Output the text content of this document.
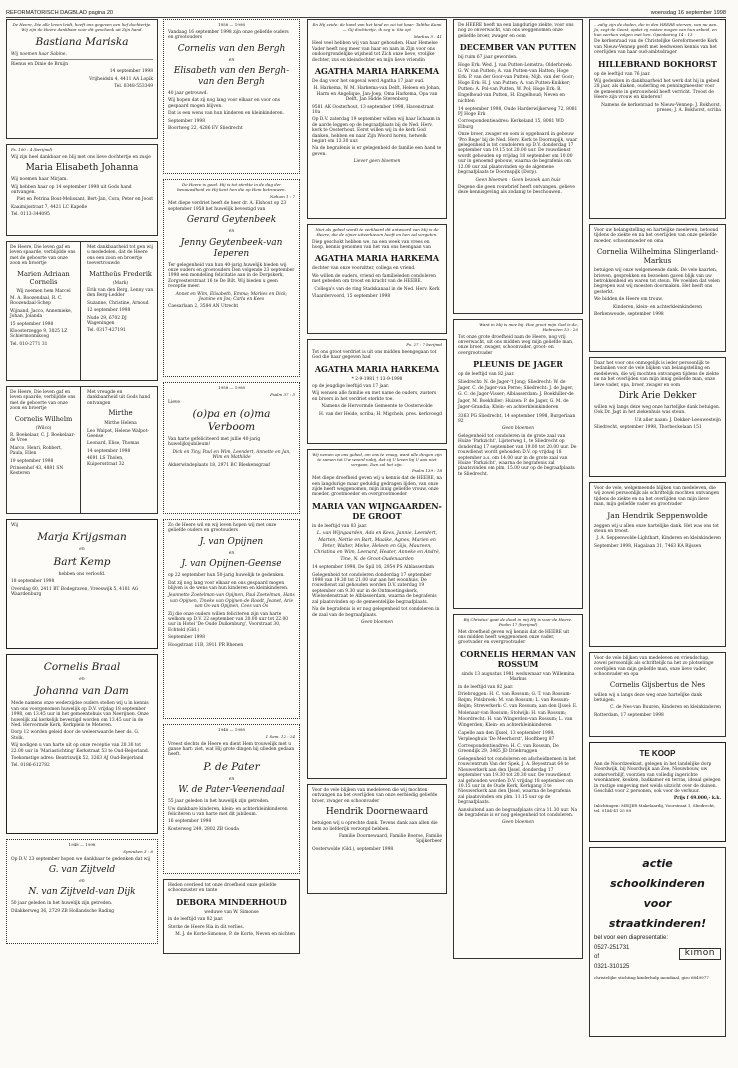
REFORMATORISCH DAGBLAD pagina 20	woensdag 16 september 1998

De Heere, Die alle leven leidt, heeft ons gegeven een lief dochtertje. Wij zijn de Heere dankbaar voor dit geschenk uit Zijn hand.

Bastiana Mariska

Wij noemen haar Sabine.

Rienus en Dinie de Bruijn

14 september 1998

Vrijheidsln 4, 4411 AA Lopik

Tel. 0348-553349

Ps. 100 : 4 (berijmd)

Wij zijn heel dankbaar en blij met ons lieve dochtertje en zusje

Maria Elisabeth Johanna

Wij noemen haar Mirjam.

Wij hebben haar op 14 september 1998 uit Gods hand ontvangen.

Piet en Petrina Bout-Melissant, Bert-Jan, Cora, Peter en Joost

Kaaimijsstraat 7, 4421 LC Kapelle

Tel. 0113-344095

De Heere, Die leven gaf en leven spaarde, verblijdde ons met de geboorte van onze zoon en broertje

Marien Adriaan Cornelis

Wij noemen hem Marcel

M. A. Roozendaal, R. C. Roozendaal-Schep

Wijnand, Jacco, Annemieke, Johan, Jolanda

15 september 1998

Kloosterzegge 9, 3025 LZ Schiermonnikoog

Tel. 010-2771 31

Met dankbaarheid tot gen wij u mededelen, dat de Heere ons een zoon en broertje toevertrouwde

Mattheüs Frederik

(Mark)

Erik van den Berg, Lenny van den Berg-Ledder

Suzanne, Christine, Arnoud

12 september 1998

Nude 29, 6702 DJ Wageningen

Tel. 0317-427191

De Heere, Die leven gaf en leven spaarde, verblijdde ons met de geboorte van onze zoon en broertje

Cornelis Wilhelm

(Wilco)

R. Boekelaar, C. J. Boekelaar-de Vree

Marco, Henri, Robbert, Paula, Ellen

19 september 1998

Prinsenhof 43, 4881 SN Kesteren

Met vreugde en dankbaarheid uit Gods hand ontvangen

Mirthe

Mirthe Helena

Leo Walpot, Helene Walpot-Geense

Leonard, Elise, Thomas

14 september 1998

4691 LS Tholen, Kuipersstraat 32

Wij

Marja Krijgsman

en

Bart Kemp

hebben ons verloofd.

18 september 1998

Overslag 60, 2411 BT Bodegraven, Vreeswijk 5, 4181 AG Waardenburg

Cornelis Braal

en

Johanna van Dam

Mede namens onze wederzijdse ouders stellen wij u in kennis van ons voorgenomen huwelijk op D.V. vrijdag 18 september 1998, om 13.45 uur in het gemeentehuis van Neerijnen. Onze huwelijk zal kerkelijk bevestigd worden om 13.45 uur in de Ned. Hervormde Kerk, Kerkplein te Meteren.

Dorp 12 worden geleid door de weleerwaarde heer ds. G. Stolk.

Wij nodigen u van harte uit op onze receptie van 20.30 tot 22.00 uur in 'Mariastichting' Kerkstraat 53 te Oud-Beijerland.

Toekomstige adres: Beatrixwijk 52, 3263 AJ Oud-Beijerland

Tel. 0186-612782

1948 — 1998

Spreuken 3 : 6

Op D.V. 23 september hopen we dankbaar te gedenken dat wij

G. van Zijtveld

en

N. van Zijtveld-van Dijk

50 jaar geleden in het huwelijk zijn getreden.

Dilakkerweg 36, 2729 ZB Hollandsche Rading

1958 — 1998

Vandaag 16 september 1998 zijn onze geliefde ouders en grootouders

Cornelis van den Bergh

en

Elisabeth van den Bergh-van den Bergh

40 jaar getrouwd.

Wij hopen dat zij nog lang voor elkaar en voor ons gespaard mogen blijven.

Dat is een wens van hun kinderen en kleinkinderen.

September 1998

Boortweg 22, 4286 EV Sliedrecht

De Heere is goed. Hij is tot sterkte in de dag der benauwdheid en Hij kent hen die op Hem betrouwen.

Nahum 1 : 7

Met diepe verdriet heeft de heer dr. A. Elshout op 23 september 1958 het huwelijk bevestigd van

Gerard Geytenbeek

en

Jenny Geytenbeek-van Ieperen

Ter gelegenheid van hun 40-jarig huwelijk bieden wij onze ouders en grootouders Den volgende 23 september 1998 een mondeling felicitatie aan in de Dorpskerk, Zorgvesterstraat 16 te De Bilt. Wij bieden u geen receptie meer.

Annet en Wim, Elisabeth, Emma; Marlies en Dick; Jeanine en Jos; Carla en Kees

Caesarlaan 2, 3584 AN Utrecht

1958 — 1998

Psalm 37 : 5

Lieve

(o)pa en (o)ma Verboom

Van harte gefeliciteerd met jullie 40-jarig huwelijksjubileum!

Dick en Tiny, Paul en Wim, Leendert, Annette en Jan, Wim en Mathilde

Akkerwindeplaats 18, 2971 BC Bleskensgraaf

Zo de Heere wil en wij leven hopen wij met onze geliefde ouders en grootouders

J. van Opijnen

en

J. van Opijnen-Geense

op 22 september hun 50-jarig huwelijk te gedenken.

Dat zij nog lang voor elkaar en ons gespaard mogen blijven is de wens van hun kinderen en kleinkinderen.

Jeannette Zoetelman-van Opijnen, Paul Zoetelman, Hans van Opijnen, Tineke van Opijnen-de Roodt, Jeanet, Arie van Os-van Opijnen, Cees van Os

Zij die onze ouders willen feliciteren zijn van harte welkom op D.V. 22 september van 20.00 uur tot 22.00 uur in Hotel 'De Oude Duikenburg', Voorstraat 30, Echteld (Gld.)

September 1998

Hoogstraat 11B, 3911 PR Rhenen

1948 — 1998

1 Sam. 12 : 24

Vreest slechts de Heere en dient Hem trouwelijk met u ganse hart: ziet, wat Hij grote dingen bij ulieden gedaan heeft.

P. de Pater

en

W. de Pater-Veenendaal

55 jaar geleden in het huwelijk zijn getreden.

Uw dankbare kinderen, klein- en achterkleinkinderen feliciteren u van harte met dit jubileum.

16 september 1998

Kosterweg 249, 2802 ZB Gouda

Heden overleed tot onze droefheid onze geliefde schoonzuster en tante

DEBORA MINDERHOUD

weduwe van W. Simonse

in de leeftijd van 82 jaar.

Sterke de Heere Ria in dit verlies.

M. J. de Korte-Simonse, P. de Korte, Neven en nichten

En Hij zeide: de hand van het kind en zei tot haar: Talitha Kumi — Gij dochtertje, ik zeg u: Sta op!

Markus 5 : 41

Heel veel hebben wij van haar gehouden. Haar Hemelse Vader heeft nog meer van haar en nam in Zijn voor ons ondoorgrondelijke wijsheid tot Zich onze lieve, vrolijke dochter, zus en kleindochter en mijn lieve vriendin

AGATHA MARIA HARKEMA

De dag voor het ongeval werd Agatha 17 jaar oud.

H. Harkema, W. M. Harkema-van Delft, Heleen en Johan, Harm en Angelique, Jan-Joep, Oma Harkema, Opa van Delft, Jan Hidde Sterenborg

9581 AK Oosterhout, 13 september 1998, Havenstraat 10a

Op D.V. zaterdag 19 september willen wij haar lichaam in de aarde leggen op de begraafplaats bij de Ned. Herv. kerk te Oosterhout. Eerst willen wij in de kerk God danken, hebben en naar Zijn Woord horen, hetwelk begint om 13.30 uur.

Na de begrafenis is er gelegenheid de familie een hand te geven.

Liever geen bloemen

Niet als gebed wordt te verklaard dit antwoord van Mij is de Heere, die de zijner uitverkiezen heeft en hen zal vergeten.

Diep geschokt hebben we, na een week van vrees en hoop, kennis genomen van het van ons heengaan van

AGATHA MARIA HARKEMA

dochter van onze voorzitter, collega en vriend.

We willen de ouders, vriend en familieleden condoleren met gebeden om troost en kracht van de HEERE.

Collega's van de ring Stadskanaal in de Ned. Herv. Kerk

Vlaardervoord, 15 september 1998

Ps. 27 : 7 berijmd

Tot ons groot verdriet is uit ons midden heengegaan tot God die haar gegeven had

AGATHA MARIA HARKEMA

* 2-9-1981 † 13-9-1998

op de jeugdige leeftijd van 17 jaar.

Wij wensen alle familie en met name de ouders, zusters en broers in het verdriet sterkte toe.

Namens de Hervormde Gemeente te Oosterwolde

H. van der Heide, scriba; H. Migchels, pres. kerkvoogd

Wij nemen op ons gebed, om ons te vraag, want alle dingen zijn te samen tot Uw woord nabij, dat zij U leven bij U aan niet vergaan, Dan zal het zijn.

Psalm 139 : 18

Met diepe droefheid geven wij u kennis dat de HEERE, na een langdurige maar geduldig gedragen lijden, van onze zijde heeft weggenomen, mijn innig geliefde vrouw, onze moeder, grootmoeder en overgrootmoeder

MARIA VAN WIJNGAARDEN-DE GROOT

in de leeftijd van 83 jaar.

L. van Wijngaarden, Ada en Kees, Jannie, Leendert, Marten, Nettie en Bart, Maaike, Agnes, Marien en Peter, Walter, Meike, Heleen en Gijs, Maureen, Christina en Wim, Leenard, Heater, Anneke en André, Tine, N. de Groot-Oudenaarden

14 september 1998, De Spil 16, 2954 PS Alblasserdam

Gelegenheid tot condoleren donderdag 17 september 1998 van 19.30 tot 21.00 uur aan het woonhuis. De rouwdienst zal gehouden worden D.V. zaterdag 19 september om 9.30 uur in de Ontmoetingskerk, Wielsedenstraat te Alblasserdam, waarna de begrafenis zal plaatsvinden op de gemeentelijke begraafplaats.

Na de begrafenis is er nog gelegenheid tot condoleren in de zaal van de begraafplaats.

Geen bloemen

Voor de vele blijken van medeleven die wij mochten ontvangen na het overlijden van onze eerbiedig geliefde broer, zwager en schoonvader

Hendrik Doornewaard

betuigen wij u oprechte dank. Tevens dank aan allen die hem zo liefderijk verzorgd hebben.

Familie Doornewaard, Familie Boerse, Familie Spijkerbeer

Oosterwolde (Gld.), september 1998

De HEERE heeft na een langdurige ziekte, voor ons nog zo onverwacht, van ons weggenomen onze geliefde broer, zwager en oom

DECEMBER VAN PUTTEN

bij ruim 67 jaar geworden.

Hoge Erk: Wed. J. van Putten-Lemstra; Olderbroek: G. W. van Putten; A. van Putten-van Hatten; Hoge Erk: P. van der Goor-van Putten; Nijh. van der Goor; Hoge Erk: H. J. van Putten; A. van Putten-Knikker; Putten: A. Pol-van Putten, W. Pol; Hoge Erk: B. Engelhoud-van Putten, H. Engelhoud; Neven en nichten

14 september 1998, Oude Harderwijkerweg 72, 8081 PJ Hoge Erk

Correspondentieadres: Kerkeland 15, 8081 WD Elburg

Onze broer, zwager en oom is opgebaard in gebouw 'Pro Rege' bij de Ned. Herv. Kerk te Doornspijk, waar gelegenheid is tot condoleren op D.V. donderdag 17 september van 19.15 tot 20.00 uur. De rouwdienst wordt gehouden op vrijdag 18 september om 10.00 uur in genoemd gebouw, waarna de begrafenis om 12.00 uur zal plaatsvinden op de algemene begraafplaats te Doornspijk (Dorp).

Geen bloemen - Geen bezoek aan huis

Degene die geen rouwbrief heeft ontvangen, gelieve deze kennisgeving als zodanig te beschouwen.

Want in Mij is mee bij. Hoe groot mijn God is de, Hebreëen 13 : 20

Tot onze grote droefheid nam de Heere, nog vrij onverwacht, uit ons midden weg mijn geliefde man, onze broer, zwager, schoonvader, groot- en overgrootvader

PLEUNIS DE JAGER

op de leeftijd van 82 jaar.

Sliedrecht: N. de Jager-'t Jong; Sliedrecht: W. de Jager, C. de Jager-van Perne; Sliedrecht: J. de Jager, G. C. de Jager-Visser; Alblasserdam: J. Boekhiller-de Jager, M. Boekhiller; Huizen: P. de Jager, G. M. de Jager-Grandia; Klein- en achterkleinkinderen

3363 PG Sliedrecht, 14 september 1998, Burgerlaan 92

Geen bloemen

Gelegenheid tot condoleren in de grote zaal van Huize 'Parkzicht', Lijsterweg 1, te Sliedrecht op donderdag 17 september van 19.00 tot 20.00 uur. De rouwdienst wordt gehouden D.V. op vrijdag 18 september a.s. om 14.00 uur in de grote zaal van Huize 'Parkzicht', waarna de begrafenis zal plaatsvinden om plm. 15.00 uur op de begraafplaats te Sliedrecht.

Bij Christus' gaat de dood in mij Hij is voor de Heere. Psalm 17 (berijmd)

Met droefheid geven wij kennis dat de HEERE uit ons midden heeft weggenomen onze vader, grootvader en overgrootvader

CORNELIS HERMAN VAN ROSSUM

sinds 13 augustus 1981 weduwnaar van Willemina Markus

in de leeftijd van 82 jaar.

Driebruggen: H. C. van Rossum; G. T. van Rossum-Reijm; Polsbroek: M. van Rossum; L. van Rossum-Reijm; Streverkerk: C. van Rossum; aan den IJssel: E. Molenaar-van Rossum; Stolwijk: H. van Rossum; Moordrecht: H. van Wingerden-van Rossum; L. van Wingerden; Klein- en achterkleinkinderen

Capelle aan den IJssel, 13 september 1998, Verpleeghuis 'De Meerhorst', Hooftberg 87

Correspondentieadres: H. C. van Rossum, De Greendijk 29, 3465 JD Driebruggen

Gelegenheid tot condoleren en afscheidnemen in het rouwcentrum Van der Spek, J. A. Beyestraat 64 te Nieuwerkerk aan den IJssel, donderdag 17 september van 19.30 tot 20.30 uur. De rouwdienst zal gehouden worden D.V. vrijdag 18 september om 10.15 uur in de Oude Kerk, Kerkgang 3 te Nieuwerkerk aan den IJssel, waarna de begrafenis zal plaatsvinden om plm. 11.15 uur op de begraafplaats.

Aansluitend aan de begraafplaats circa 11.30 uur. Na de begrafenis is er nog gelegenheid tot condoleren.

Geen bloemen

...zalig zijn de doden, die in den HEERE sterven, van nu aan. Ja, zegt de Geest, opdat zij rusten mogen van hun arbeid, en hun werken volgen met hen. Openbaring 14 : 13

De kerkenraad van de Christelijke Gereformeerde Kerk van Nieuw-Vennep geeft met leedwezen kennis van het overlijden van haar oud-ambtsdrager

HILLEBRAND BOKHORST

op de leeftijd van 76 jaar.

Wij gedenken in dankbaarheid het werk dat hij in gebed 28 jaar, als diaken, ouderling en penningmeester voor de gemeente in getrouwheid heeft verricht. Troost de Heere zijn vrouw en kinderen!

Namens de kerkenraad te Nieuw-Vennep: J. Bokhorst, preses; J. A. Bokhorst, scriba

Voor uw belangstelling en hartelijke meeleven, betoond tijdens de ziekte en na het overlijden van onze geliefde moeder, schoonmoeder en oma

Cornelia Wilhelmina Slingerland-Markus

betuigen wij onze welgemeende dank. De vele kaarten, brieven, gesprekken en bezoeken gaven blijk van uw betrokkenheid en waren tot steun. We voelden dat velen begrepen wat wij moesten doormaken. Het heeft ons gesterkt.

We bidden de Heere om trouw.

Kinderen, klein- en achterkleinkinderen

Berkenwoude, september 1998

Daar het voor ons onmogelijk is ieder persoonlijk te bedanken voor de vele blijken van belangstelling en medeleven, die wij mochten ontvangen tijdens de ziekte en na het overlijden van mijn innig geliefde man, onze lieve vader, opa, broer, zwager en oom

Dirk Arie Dekker

willen wij langs deze weg onze hartelijke dank betuigen. Ook Dr. Jagt in het ziekenhuis was steun.

Uit aller naam: J. Dekker-Leeuwesteijn

Sliedrecht, september 1998, Thorbeckelaan 151

Voor de vele, welgemeende blijken van medeleven, die wij zowel persoonlijk als schriftelijk mochten ontvangen tijdens de ziekte en na het overlijden van mijn lieve man, mijn geliefde vader en grootvader

Jan Hendrik Seppenwolde

zeggen wij u allen onze hartelijke dank. Het was ons tot steun en troost.

J. A. Seppenwolde-Lighthart, Kinderen en kleinkinderen

September 1998, Hagalaan 31, 7463 KA Rijssen

Voor de vele blijken van medeleven en vriendschap, zowel persoonlijk als schriftelijk na het zo plotselinge overlijden van mijn geliefde man, onze lieve vader, schoonvader en opa

Cornelis Gijsbertus de Nes

willen wij u langs deze weg onze hartelijke dank betuigen.

C. de Nes-van Buuren, Kinderen en kleinkinderen

Rotterdam, 17 september 1998

TE KOOP

Aan de Noordzeekust, gelegen in het landelijke dorp Noordwijk, bij Noordwijk aan Zee, Nieuwbouw, uw zomerverblijf, voorzien van volledig ingerichte woonkamer, keuken, badkamer en terras, ideaal gelegen in rustige omgeving met weids uitzicht over de duinen. Geschikt voor 2 personen, ook voor de verhuur.

Prijs f 49.000,- k.k.

Inlichtingen: MEIJER Makelaardij, Voorstraat 1, Sliedrecht, tel. 0184-41 25 89

actie
schoolkinderen
voor
straatkinderen!

bel voor een diapresentatie:

0527-251731

of

0321-310125

kimon

christelijke stichting kinderhulp mondiaal, giro 6849977
